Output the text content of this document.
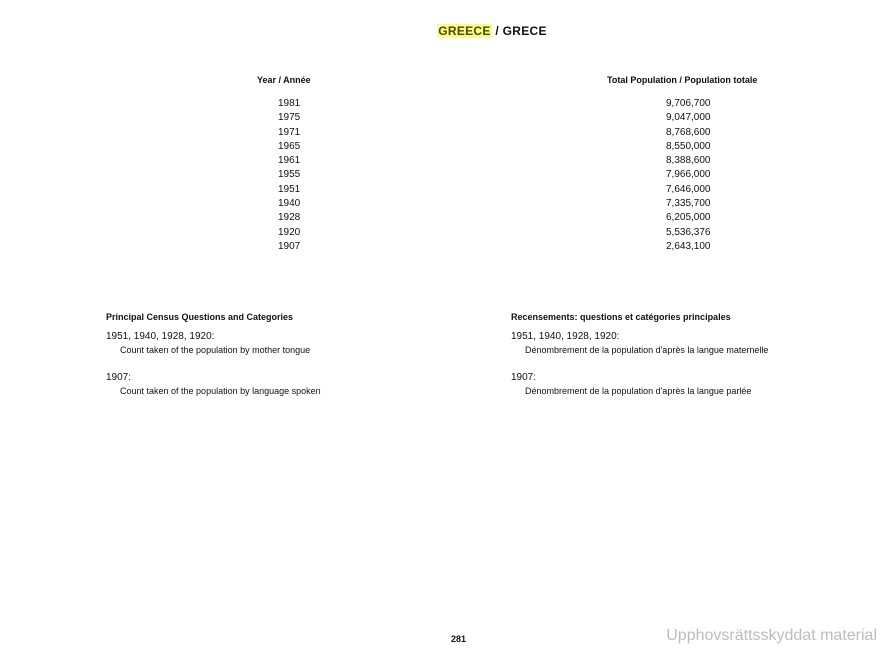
GREECE / GRECE
Year / Année	Total Population / Population totale
1981
1975
1971
1965
1961
1955
1951
1940
1928
1920
1907
9,706,700
9,047,000
8,768,600
8,550,000
8,388,600
7,966,000
7,646,000
7,335,700
6,205,000
5,536,376
2,643,100
Principal Census Questions and Categories
1951, 1940, 1928, 1920:
Count taken of the population by mother tongue
1907:
Count taken of the population by language spoken
Recensements: questions et catégories principales
1951, 1940, 1928, 1920:
Dénombrement de la population d'après la langue maternelle
1907:
Dénombrement de la population d'après la langue parlée
281	Upphovsrättsskyddat material
